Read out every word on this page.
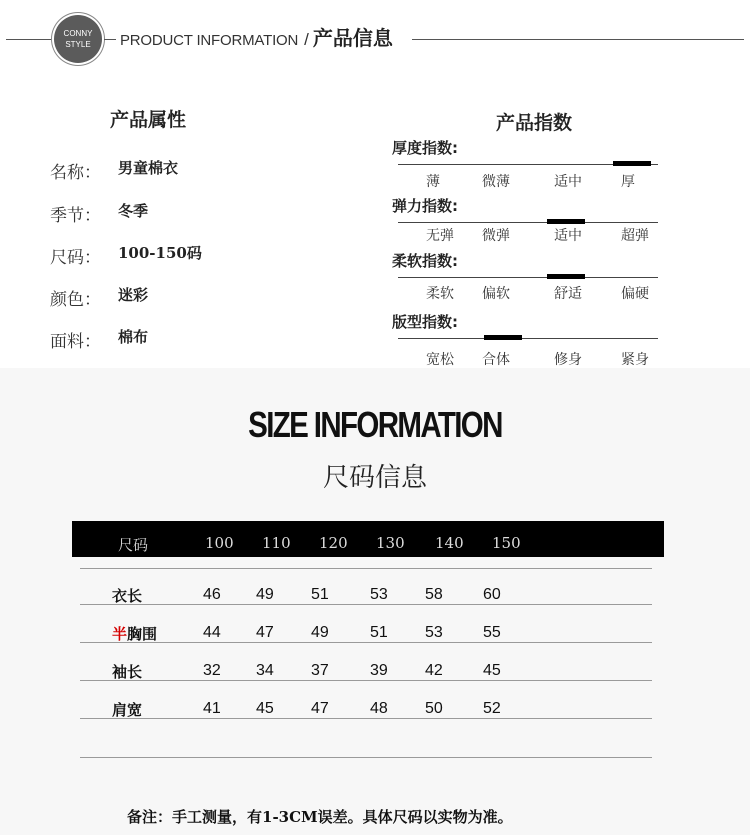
CONNY
STYLE	PRODUCT INFORMATION / 产品信息
产品属性
名称： 男童棉衣
季节： 冬季
尺码： 100-150码
颜色： 迷彩
面料： 棉布
产品指数
厚度指数:
薄	微薄	适中	厚
弹力指数:
无弹 微弹	适中	超弹
柔软指数:
柔软 偏软	舒适	偏硬
版型指数:
宽松 合体	修身	紧身
SIZE INFORMATION
尺码信息
尺码	100 110 120 130 140 150
衣长	46 49 51	53 58	60
半胸围	44 47 49	51 53	55
袖长	32 34 37	39 42	45
肩宽	41 45 47	48 50	52
备注：手工测量，有1-3CM误差。具体尺码以实物为准。
